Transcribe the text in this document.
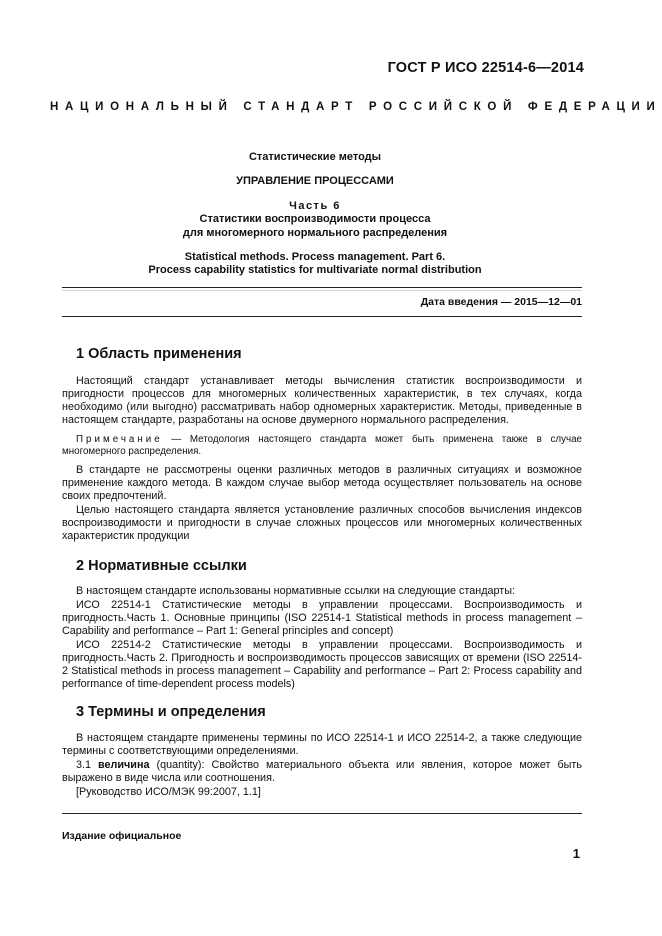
ГОСТ Р ИСО 22514-6—2014
НАЦИОНАЛЬНЫЙ СТАНДАРТ РОССИЙСКОЙ ФЕДЕРАЦИИ
Статистические методы
УПРАВЛЕНИЕ ПРОЦЕССАМИ
Часть 6
Статистики воспроизводимости процесса
для многомерного нормального распределения
Statistical methods. Process management. Part 6.
Process capability statistics for multivariate normal distribution
Дата введения — 2015—12—01
1 Область применения
Настоящий стандарт устанавливает методы вычисления статистик воспроизводимости и пригодности процессов для многомерных количественных характеристик, в тех случаях, когда необходимо (или выгодно) рассматривать набор одномерных характеристик. Методы, приведенные в настоящем стандарте, разработаны на основе двумерного нормального распределения.
Примечание — Методология настоящего стандарта может быть применена также в случае многомерного распределения.
В стандарте не рассмотрены оценки различных методов в различных ситуациях и возможное применение каждого метода. В каждом случае выбор метода осуществляет пользователь на основе своих предпочтений.
Целью настоящего стандарта является установление различных способов вычисления индексов воспроизводимости и пригодности в случае сложных процессов или многомерных количественных характеристик продукции
2 Нормативные ссылки
В настоящем стандарте использованы нормативные ссылки на следующие стандарты:
ИСО 22514-1 Статистические методы в управлении процессами. Воспроизводимость и пригодность.Часть 1. Основные принципы (ISO 22514-1 Statistical methods in process management – Capability and performance – Part 1: General principles and concept)
ИСО 22514-2 Статистические методы в управлении процессами. Воспроизводимость и пригодность.Часть 2. Пригодность и воспроизводимость процессов зависящих от времени (ISO 22514-2 Statistical methods in process management – Capability and performance – Part 2: Process capability and performance of time-dependent process models)
3 Термины и определения
В настоящем стандарте применены термины по ИСО 22514-1 и ИСО 22514-2, а также следующие термины с соответствующими определениями.
3.1 величина (quantity): Свойство материального объекта или явления, которое может быть выражено в виде числа или соотношения.
[Руководство ИСО/МЭК 99:2007, 1.1]
Издание официальное
1
